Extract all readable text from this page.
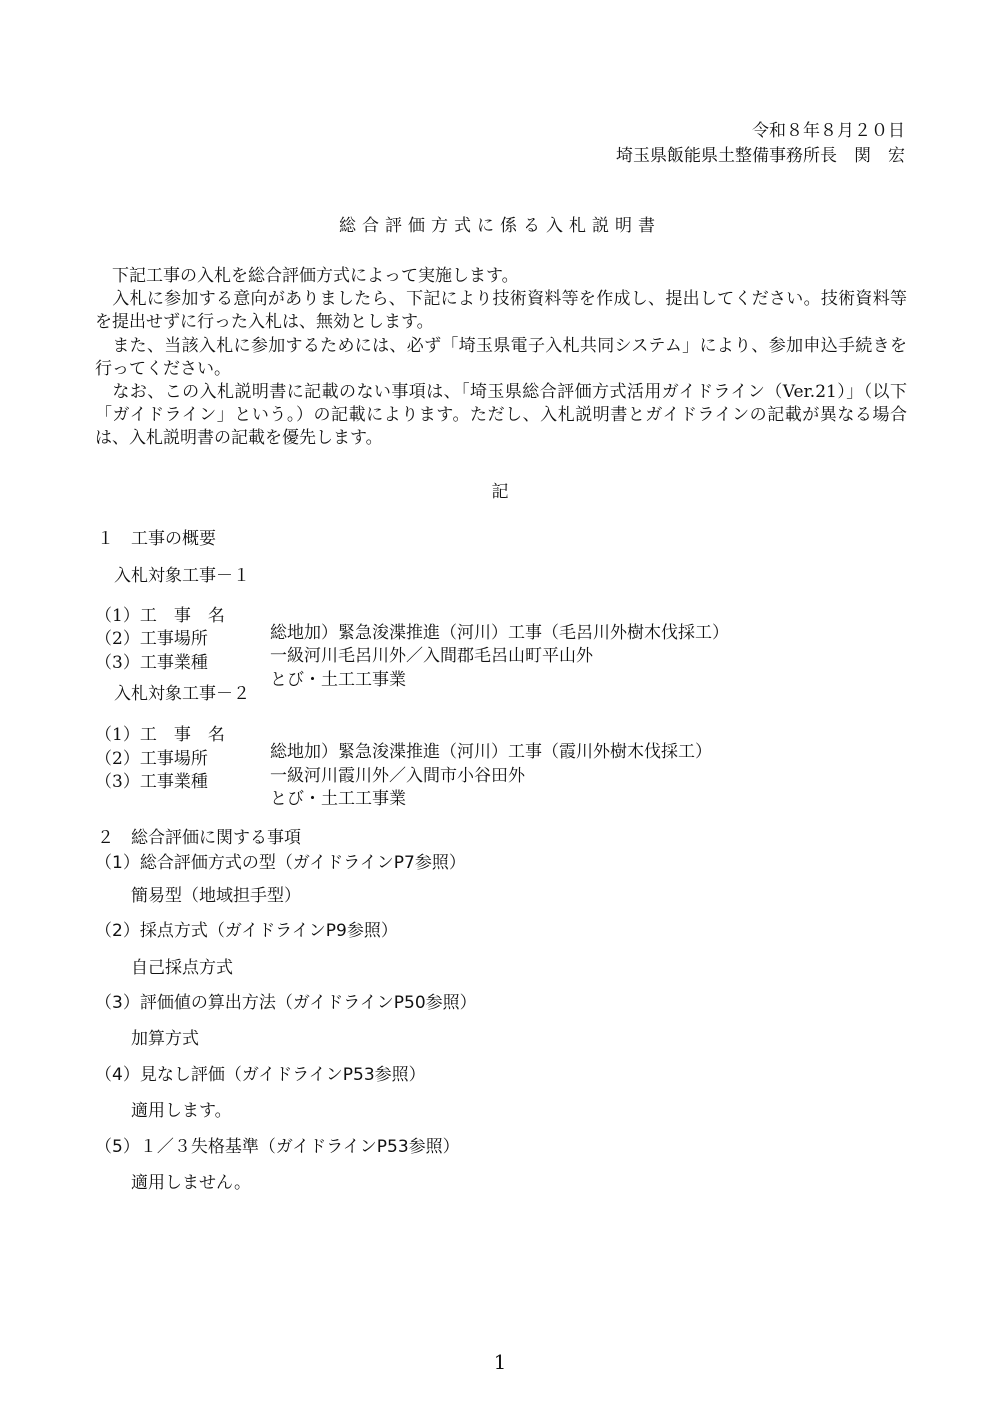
令和８年８月２０日
埼玉県飯能県土整備事務所長　関　宏
総合評価方式に係る入札説明書

　下記工事の入札を総合評価方式によって実施します。

　入札に参加する意向がありましたら、下記により技術資料等を作成し、提出してください。技術資料等を提出せずに行った入札は、無効とします。

　また、当該入札に参加するためには、必ず「埼玉県電子入札共同システム」により、参加申込手続きを行ってください。

　なお、この入札説明書に記載のない事項は、「埼玉県総合評価方式活用ガイドライン（Ver.21）」（以下「ガイドライン」という。）の記載によります。ただし、入札説明書とガイドラインの記載が異なる場合は、入札説明書の記載を優先します。

記
１　工事の概要
入札対象工事－１

（1）工　事　名

総地加）緊急浚渫推進（河川）工事（毛呂川外樹木伐採工）

（2）工事場所

一級河川毛呂川外／入間郡毛呂山町平山外

（3）工事業種

とび・土工工事業

入札対象工事－２

（1）工　事　名

総地加）緊急浚渫推進（河川）工事（霞川外樹木伐採工）

（2）工事場所

一級河川霞川外／入間市小谷田外

（3）工事業種

とび・土工工事業

２　総合評価に関する事項
（1）総合評価方式の型（ガイドラインP7参照）
簡易型（地域担手型）
（2）採点方式（ガイドラインP9参照）
自己採点方式
（3）評価値の算出方法（ガイドラインP50参照）
加算方式
（4）見なし評価（ガイドラインP53参照）
適用します。
（5）１／３失格基準（ガイドラインP53参照）
適用しません。
1
